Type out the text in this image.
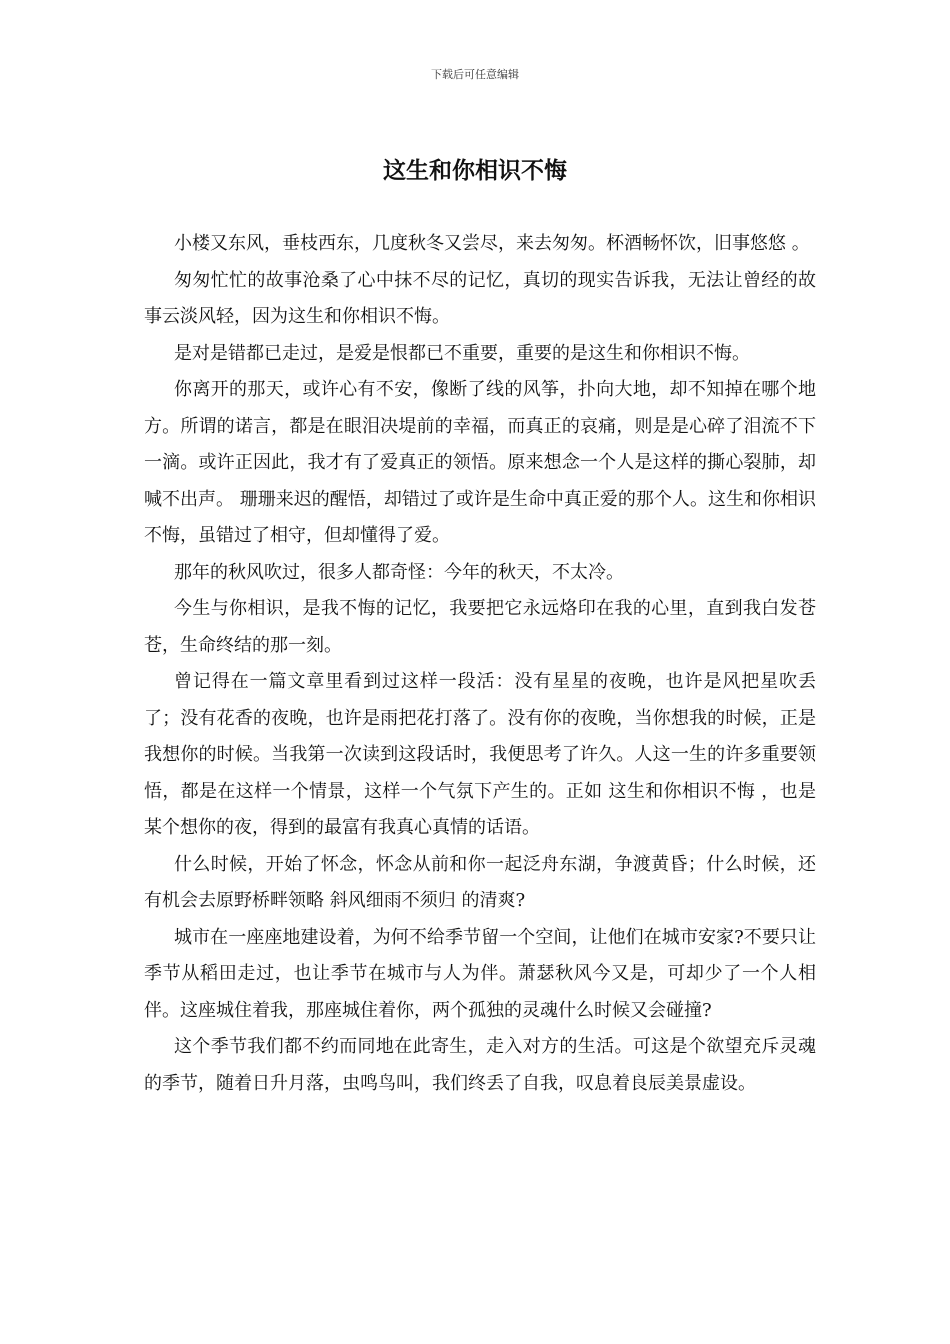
下载后可任意编辑
这生和你相识不悔

小楼又东风，垂枝西东，几度秋冬又尝尽，来去匆匆。杯酒畅怀饮，旧事悠悠 。

匆匆忙忙的故事沧桑了心中抹不尽的记忆，真切的现实告诉我，无法让曾经的故事云淡风轻，因为这生和你相识不悔。

是对是错都已走过，是爱是恨都已不重要，重要的是这生和你相识不悔。

你离开的那天，或许心有不安，像断了线的风筝，扑向大地，却不知掉在哪个地方。所谓的诺言，都是在眼泪决堤前的幸福，而真正的哀痛，则是是心碎了泪流不下一滴。或许正因此，我才有了爱真正的领悟。原来想念一个人是这样的撕心裂肺，却喊不出声。 珊珊来迟的醒悟，却错过了或许是生命中真正爱的那个人。这生和你相识不悔，虽错过了相守，但却懂得了爱。

那年的秋风吹过，很多人都奇怪：今年的秋天，不太冷。

今生与你相识，是我不悔的记忆，我要把它永远烙印在我的心里，直到我白发苍苍，生命终结的那一刻。

曾记得在一篇文章里看到过这样一段活：没有星星的夜晚，也许是风把星吹丢了；没有花香的夜晚，也许是雨把花打落了。没有你的夜晚，当你想我的时候，正是我想你的时候。当我第一次读到这段话时，我便思考了许久。人这一生的许多重要领悟，都是在这样一个情景，这样一个气氛下产生的。正如 这生和你相识不悔 ，也是某个想你的夜，得到的最富有我真心真情的话语。

什么时候，开始了怀念，怀念从前和你一起泛舟东湖，争渡黄昏；什么时候，还有机会去原野桥畔领略 斜风细雨不须归 的清爽?

城市在一座座地建设着，为何不给季节留一个空间，让他们在城市安家?不要只让季节从稻田走过，也让季节在城市与人为伴。萧瑟秋风今又是，可却少了一个人相伴。这座城住着我，那座城住着你，两个孤独的灵魂什么时候又会碰撞?

这个季节我们都不约而同地在此寄生，走入对方的生活。可这是个欲望充斥灵魂的季节，随着日升月落，虫鸣鸟叫，我们终丢了自我，叹息着良辰美景虚设。
